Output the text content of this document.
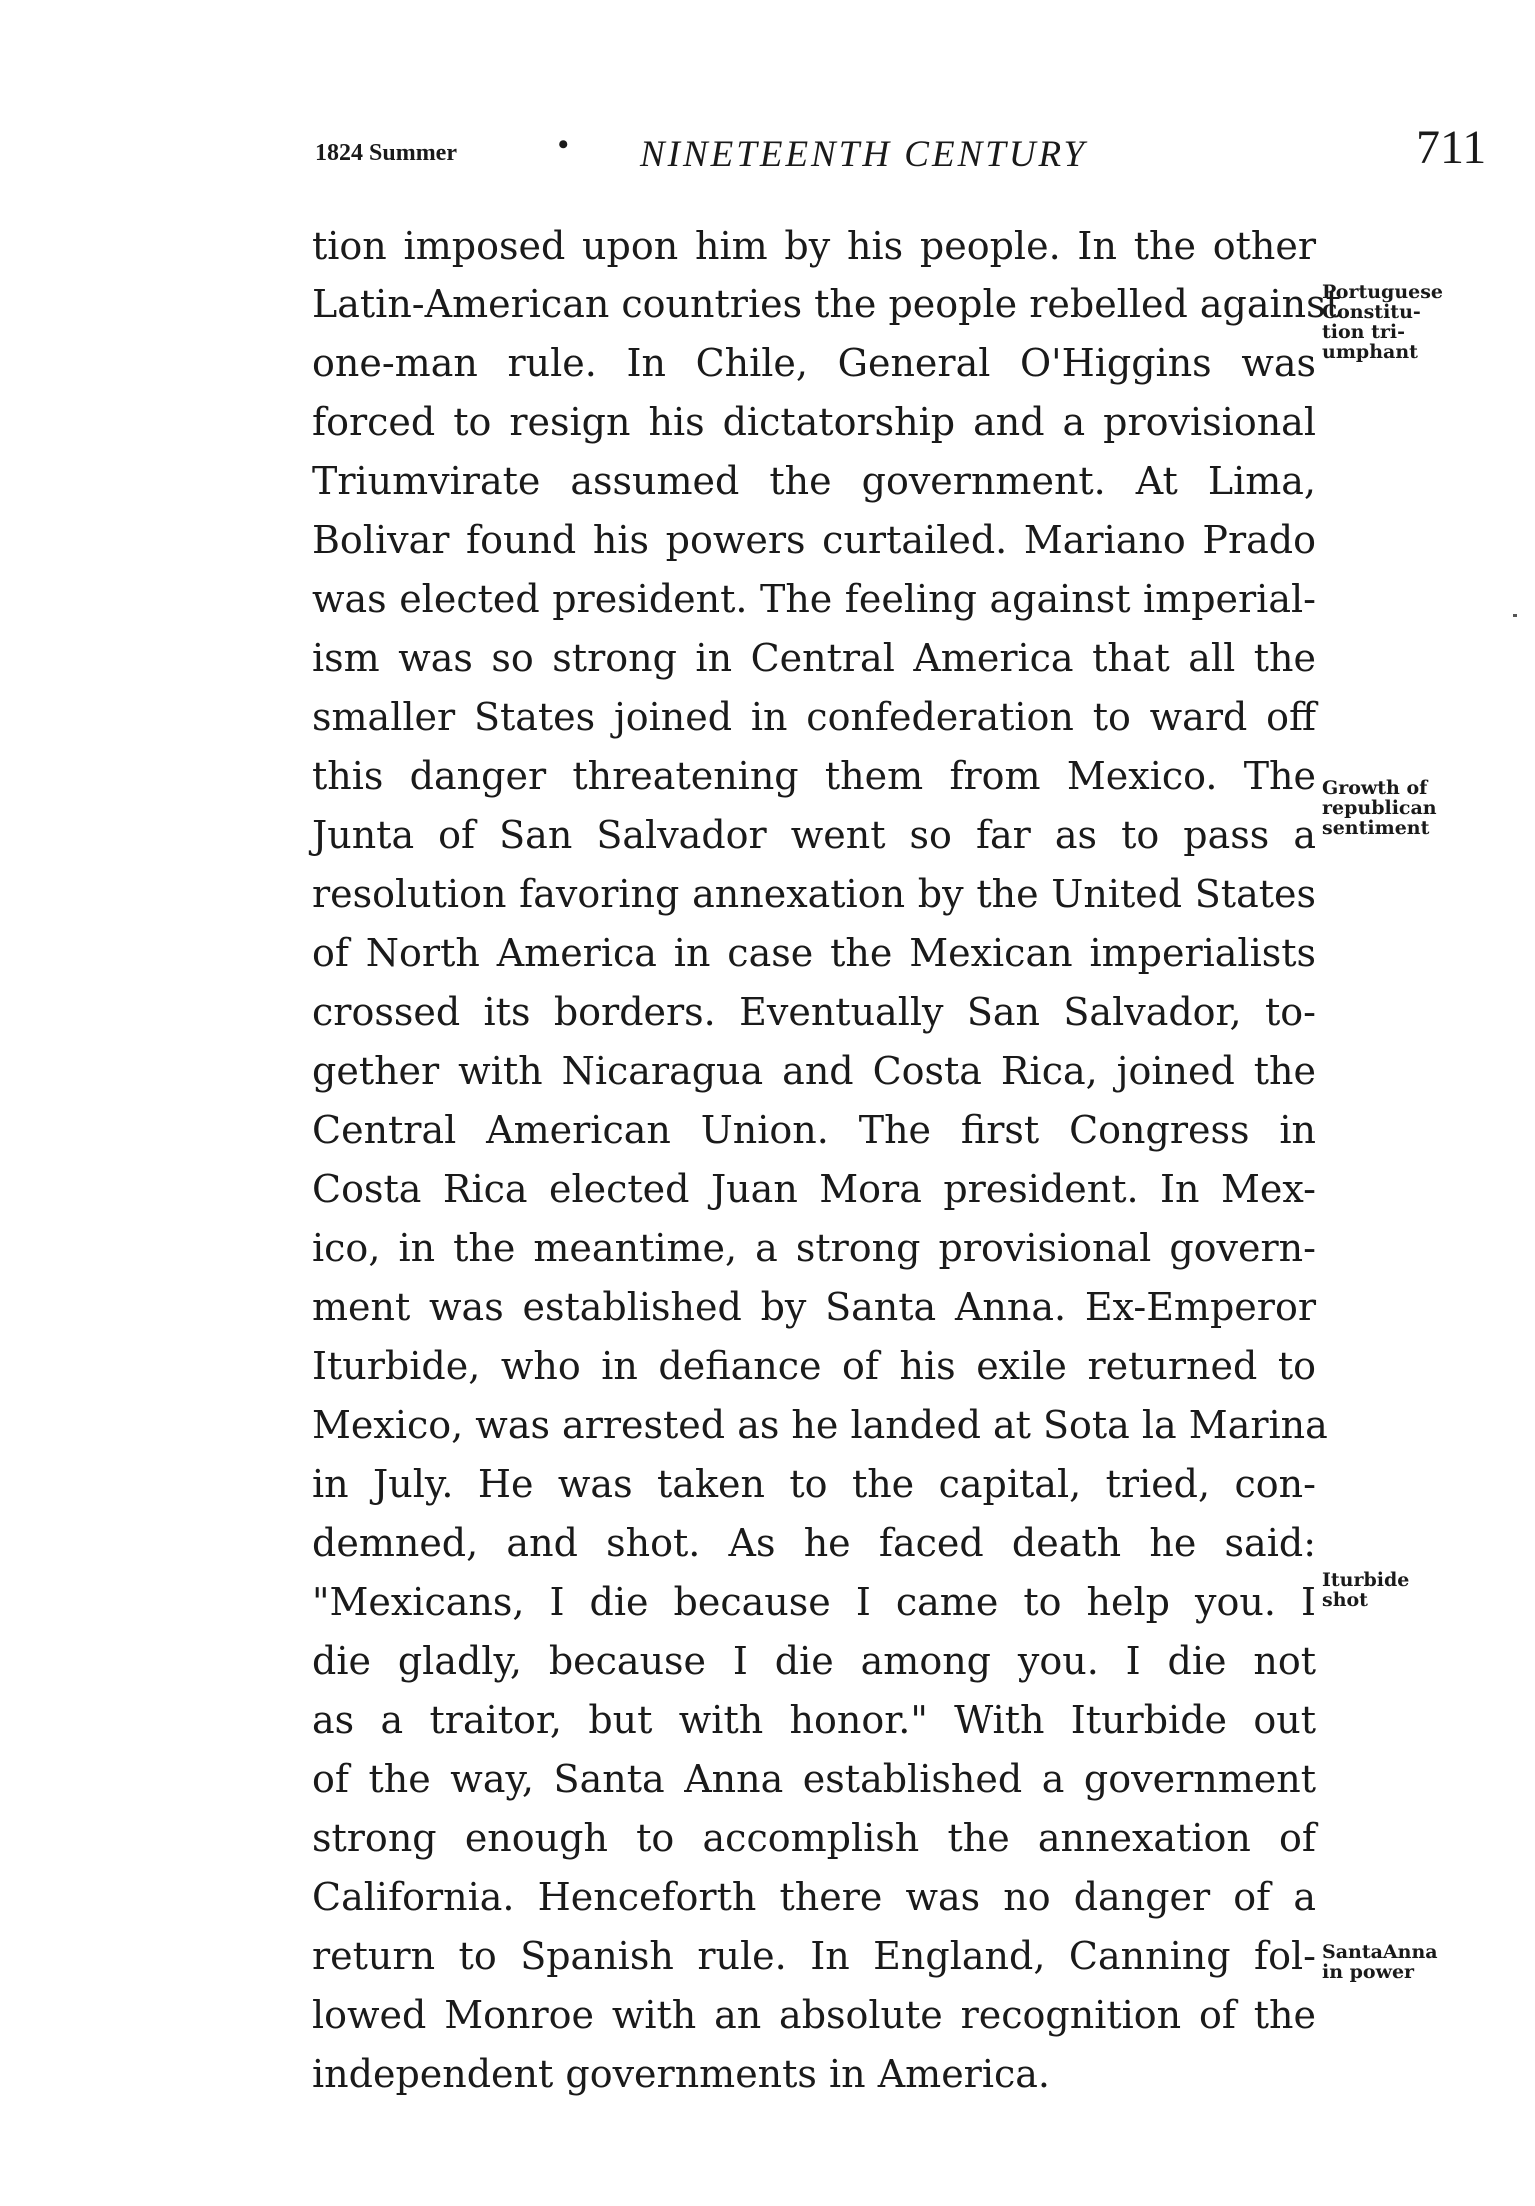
1824 Summer	• NINETEENTH CENTURY	711
tion imposed upon him by his people. In the other
Latin-American countries the people rebelled against
one-man rule. In Chile, General O'Higgins was
forced to resign his dictatorship and a provisional
Triumvirate assumed the government. At Lima,
Bolivar found his powers curtailed. Mariano Prado
was elected president. The feeling against imperial-
ism was so strong in Central America that all the
smaller States joined in confederation to ward off
this danger threatening them from Mexico. The
Junta of San Salvador went so far as to pass a
resolution favoring annexation by the United States
of North America in case the Mexican imperialists
crossed its borders. Eventually San Salvador, to-
gether with Nicaragua and Costa Rica, joined the
Central American Union. The first Congress in
Costa Rica elected Juan Mora president. In Mex-
ico, in the meantime, a strong provisional govern-
ment was established by Santa Anna. Ex-Emperor
Iturbide, who in defiance of his exile returned to
Mexico, was arrested as he landed at Sota la Marina
in July. He was taken to the capital, tried, con-
demned, and shot. As he faced death he said:
"Mexicans, I die because I came to help you. I
die gladly, because I die among you. I die not
as a traitor, but with honor." With Iturbide out
of the way, Santa Anna established a government
strong enough to accomplish the annexation of
California. Henceforth there was no danger of a
return to Spanish rule. In England, Canning fol-
lowed Monroe with an absolute recognition of the
independent governments in America.
Portuguese
Constitu-
tion tri-
umphant
Growth of
republican
sentiment
Iturbide
shot
SantaAnna
in power
